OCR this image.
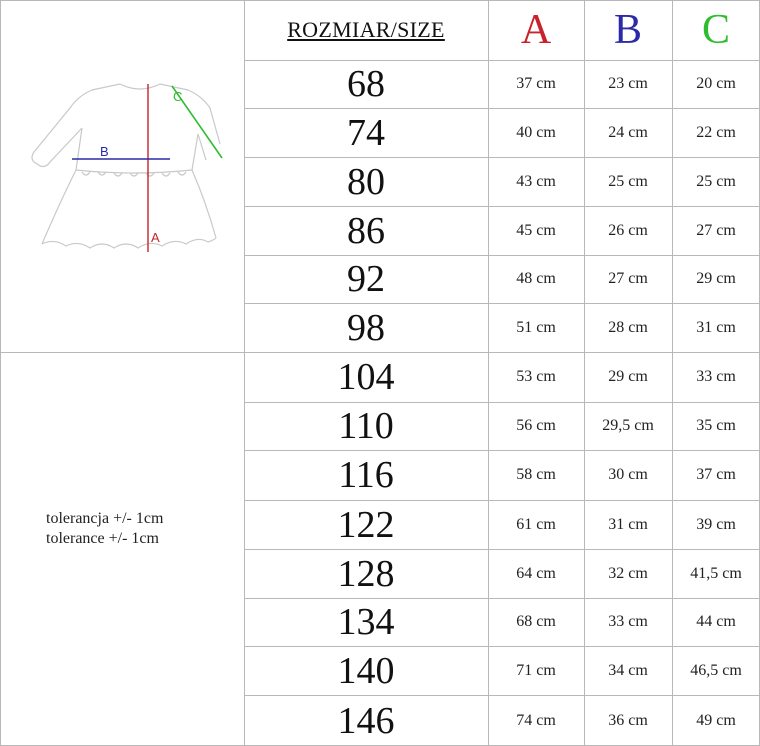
ROZMIAR/SIZE	A	B	C
A
B
C
tolerancja +/- 1cm
tolerance +/- 1cm
68	37 cm	23 cm	20 cm
74	40 cm	24 cm	22 cm
80	43 cm	25 cm	25 cm
86	45 cm	26 cm	27 cm
92	48 cm	27 cm	29 cm
98	51 cm	28 cm	31 cm
104	53 cm	29 cm	33 cm
110	56 cm	29,5 cm	35 cm
116	58 cm	30 cm	37 cm
122	61 cm	31 cm	39 cm
128	64 cm	32 cm	41,5 cm
134	68 cm	33 cm	44 cm
140	71 cm	34 cm	46,5 cm
146	74 cm	36 cm	49 cm
